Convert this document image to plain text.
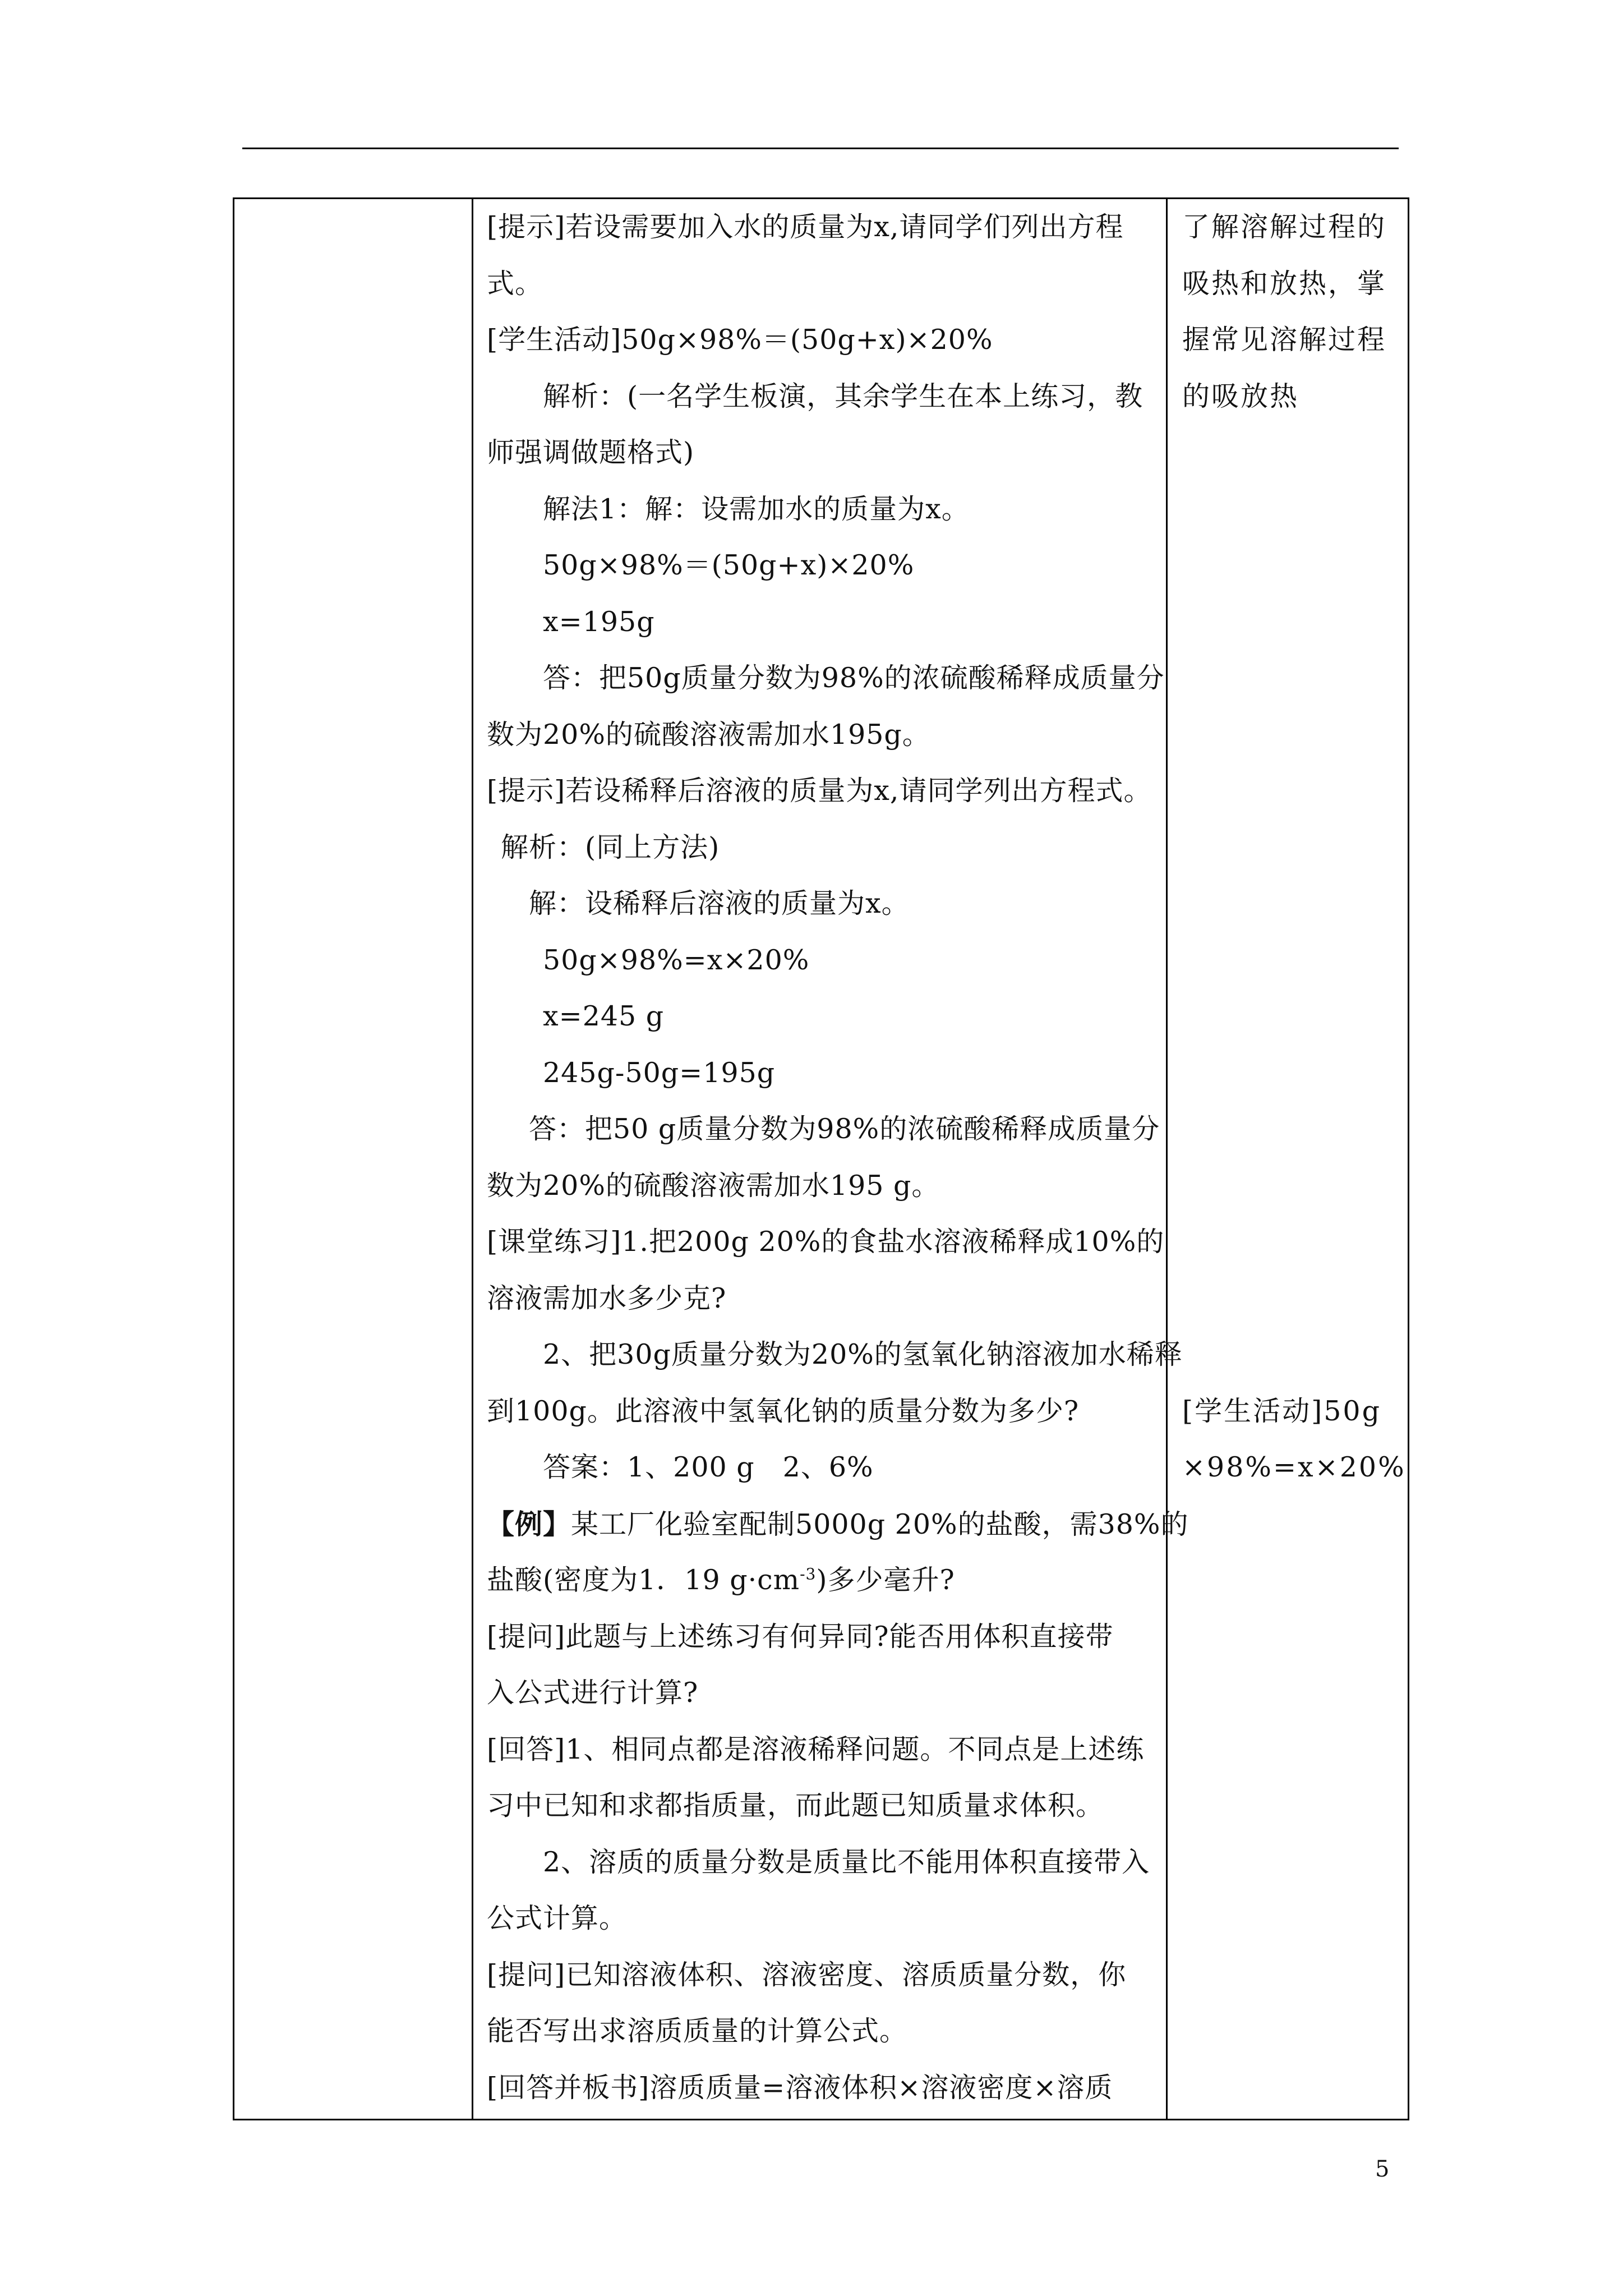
[提示]若设需要加入水的质量为x,请同学们列出方程
式。
[学生活动]50g×98%＝(50g+x)×20%
解析：(一名学生板演，其余学生在本上练习，教
师强调做题格式)
解法1：解：设需加水的质量为x。
50g×98%＝(50g+x)×20%
x=195g
答：把50g质量分数为98%的浓硫酸稀释成质量分
数为20%的硫酸溶液需加水195g。
[提示]若设稀释后溶液的质量为x,请同学列出方程式。
解析：(同上方法)
解：设稀释后溶液的质量为x。
50g×98%=x×20%
x=245 g
245g-50g=195g
答：把50 g质量分数为98%的浓硫酸稀释成质量分
数为20%的硫酸溶液需加水195 g。
[课堂练习]1.把200g 20%的食盐水溶液稀释成10%的
溶液需加水多少克?
2、把30g质量分数为20%的氢氧化钠溶液加水稀释
到100g。此溶液中氢氧化钠的质量分数为多少?
答案：1、200 g　2、6%
【例】某工厂化验室配制5000g 20%的盐酸，需38%的
盐酸(密度为1．19 $g\cdot cm^{-3}$)多少毫升?
[提问]此题与上述练习有何异同?能否用体积直接带
入公式进行计算?
[回答]1、相同点都是溶液稀释问题。不同点是上述练
习中已知和求都指质量，而此题已知质量求体积。
2、溶质的质量分数是质量比不能用体积直接带入
公式计算。
[提问]已知溶液体积、溶液密度、溶质质量分数，你
能否写出求溶质质量的计算公式。
[回答并板书]溶质质量=溶液体积×溶液密度×溶质
了解溶解过程的
吸热和放热，掌
握常见溶解过程
的吸放热
[学生活动]50g
×98%=x×20%
5
